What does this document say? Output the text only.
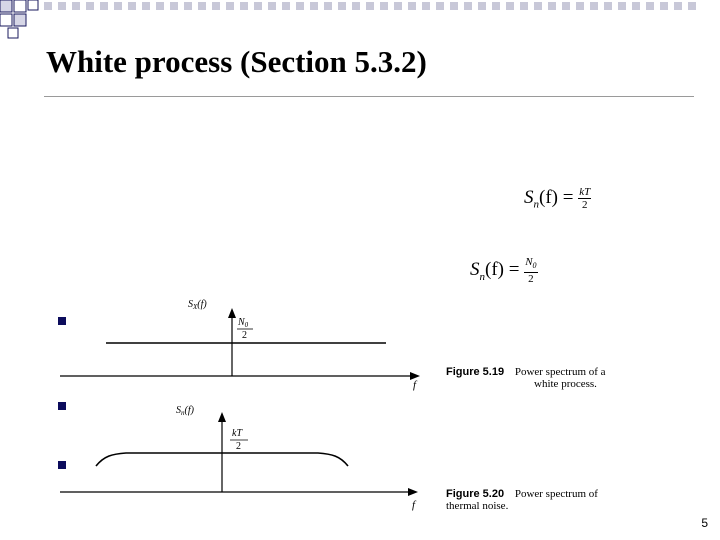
White process (Section 5.3.2)
$S_n(f) = \frac{kT}{2}$
$S_n(f) = \frac{N_0}{2}$
$S_X(f)$
$N_0$
2
f
Figure 5.19 Power spectrum of a
white process.
$S_n(f)$
kT
2
f
Figure 5.20 Power spectrum of
thermal noise.
5
